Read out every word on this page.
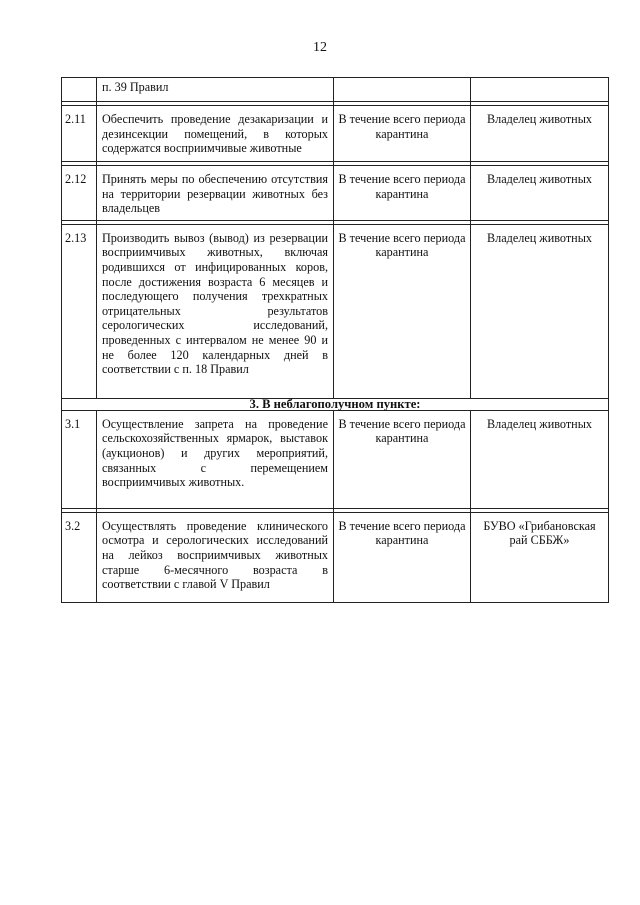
12
	п. 39 Правил		

2.11	Обеспечить проведение дезакаризации и дезинсекции помещений, в которых содержатся восприимчивые животные	В течение всего периода карантина	Владелец животных

2.12	Принять меры по обеспечению отсутствия на территории резервации животных без владельцев	В течение всего периода карантина	Владелец животных

2.13	Производить вывоз (вывод) из резервации восприимчивых животных, включая родившихся от инфицированных коров, после достижения возраста 6 месяцев и последующего получения трехкратных отрицательных результатов серологических исследований, проведенных с интервалом не менее 90 и не более 120 календарных дней в соответствии с п. 18 Правил	В течение всего периода карантина	Владелец животных
3. В неблагополучном пункте:			
3.1	Осуществление запрета на проведение сельскохозяйственных ярмарок, выставок (аукционов) и других мероприятий, связанных с перемещением восприимчивых животных.	В течение всего периода карантина	Владелец животных

3.2	Осуществлять проведение клинического осмотра и серологических исследований на лейкоз восприимчивых животных старше 6-месячного возраста в соответствии с главой V Правил	В течение всего периода карантина	БУВО «Грибановская рай СББЖ»
